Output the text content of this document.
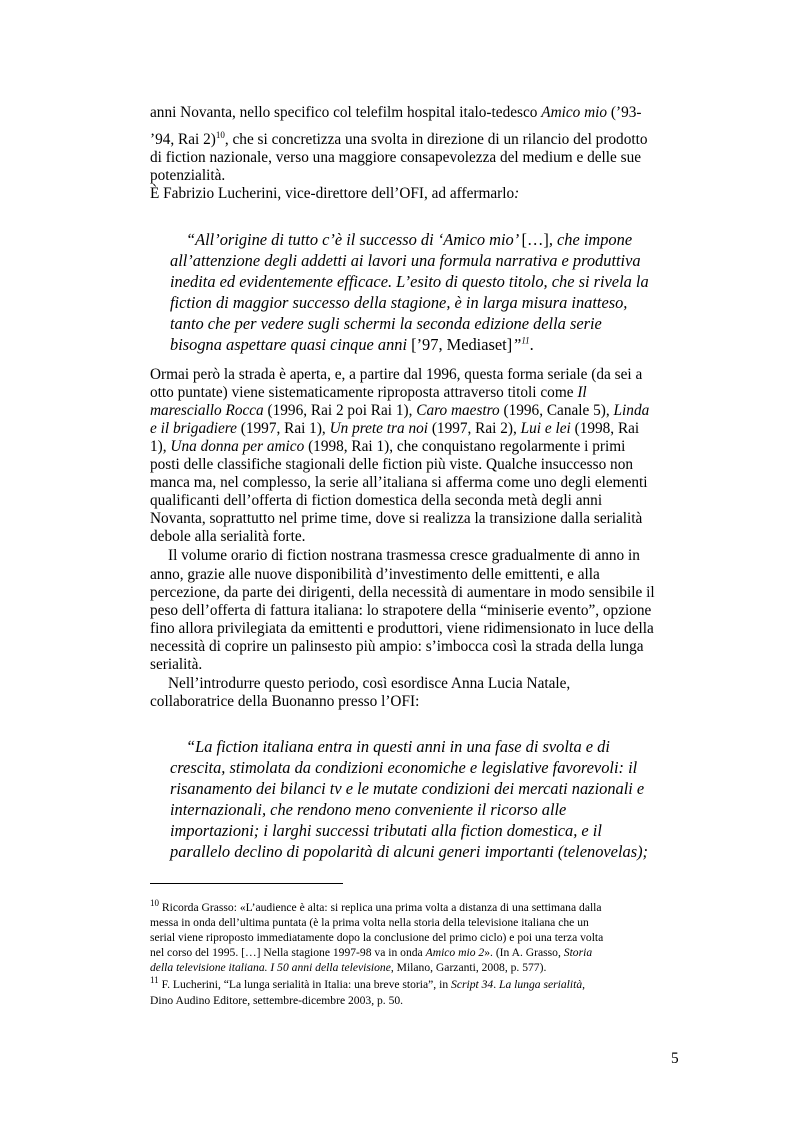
anni Novanta, nello specifico col telefilm hospital italo-tedesco Amico mio (’93-
’94, Rai 2)$^{10}$, che si concretizza una svolta in direzione di un rilancio del prodotto
di fiction nazionale, verso una maggiore consapevolezza del medium e delle sue
potenzialità.
È Fabrizio Lucherini, vice-direttore dell’OFI, ad affermarlo:
“All’origine di tutto c’è il successo di ‘Amico mio’ […], che impone
all’attenzione degli addetti ai lavori una formula narrativa e produttiva
inedita ed evidentemente efficace. L’esito di questo titolo, che si rivela la
fiction di maggior successo della stagione, è in larga misura inatteso,
tanto che per vedere sugli schermi la seconda edizione della serie
bisogna aspettare quasi cinque anni [’97, Mediaset]”$^{11}$.
Ormai però la strada è aperta, e, a partire dal 1996, questa forma seriale (da sei a
otto puntate) viene sistematicamente riproposta attraverso titoli come Il
maresciallo Rocca (1996, Rai 2 poi Rai 1), Caro maestro (1996, Canale 5), Linda
e il brigadiere (1997, Rai 1), Un prete tra noi (1997, Rai 2), Lui e lei (1998, Rai
1), Una donna per amico (1998, Rai 1), che conquistano regolarmente i primi
posti delle classifiche stagionali delle fiction più viste. Qualche insuccesso non
manca ma, nel complesso, la serie all’italiana si afferma come uno degli elementi
qualificanti dell’offerta di fiction domestica della seconda metà degli anni
Novanta, soprattutto nel prime time, dove si realizza la transizione dalla serialità
debole alla serialità forte.
Il volume orario di fiction nostrana trasmessa cresce gradualmente di anno in
anno, grazie alle nuove disponibilità d’investimento delle emittenti, e alla
percezione, da parte dei dirigenti, della necessità di aumentare in modo sensibile il
peso dell’offerta di fattura italiana: lo strapotere della “miniserie evento”, opzione
fino allora privilegiata da emittenti e produttori, viene ridimensionato in luce della
necessità di coprire un palinsesto più ampio: s’imbocca così la strada della lunga
serialità.
Nell’introdurre questo periodo, così esordisce Anna Lucia Natale,
collaboratrice della Buonanno presso l’OFI:
“La fiction italiana entra in questi anni in una fase di svolta e di
crescita, stimolata da condizioni economiche e legislative favorevoli: il
risanamento dei bilanci tv e le mutate condizioni dei mercati nazionali e
internazionali, che rendono meno conveniente il ricorso alle
importazioni; i larghi successi tributati alla fiction domestica, e il
parallelo declino di popolarità di alcuni generi importanti (telenovelas);
$^{10}$ Ricorda Grasso: «L’audience è alta: si replica una prima volta a distanza di una settimana dalla
messa in onda dell’ultima puntata (è la prima volta nella storia della televisione italiana che un
serial viene riproposto immediatamente dopo la conclusione del primo ciclo) e poi una terza volta
nel corso del 1995. […] Nella stagione 1997-98 va in onda Amico mio 2». (In A. Grasso, Storia
della televisione italiana. I 50 anni della televisione, Milano, Garzanti, 2008, p. 577).
$^{11}$ F. Lucherini, “La lunga serialità in Italia: una breve storia”, in Script 34. La lunga serialità,
Dino Audino Editore, settembre-dicembre 2003, p. 50.
5
